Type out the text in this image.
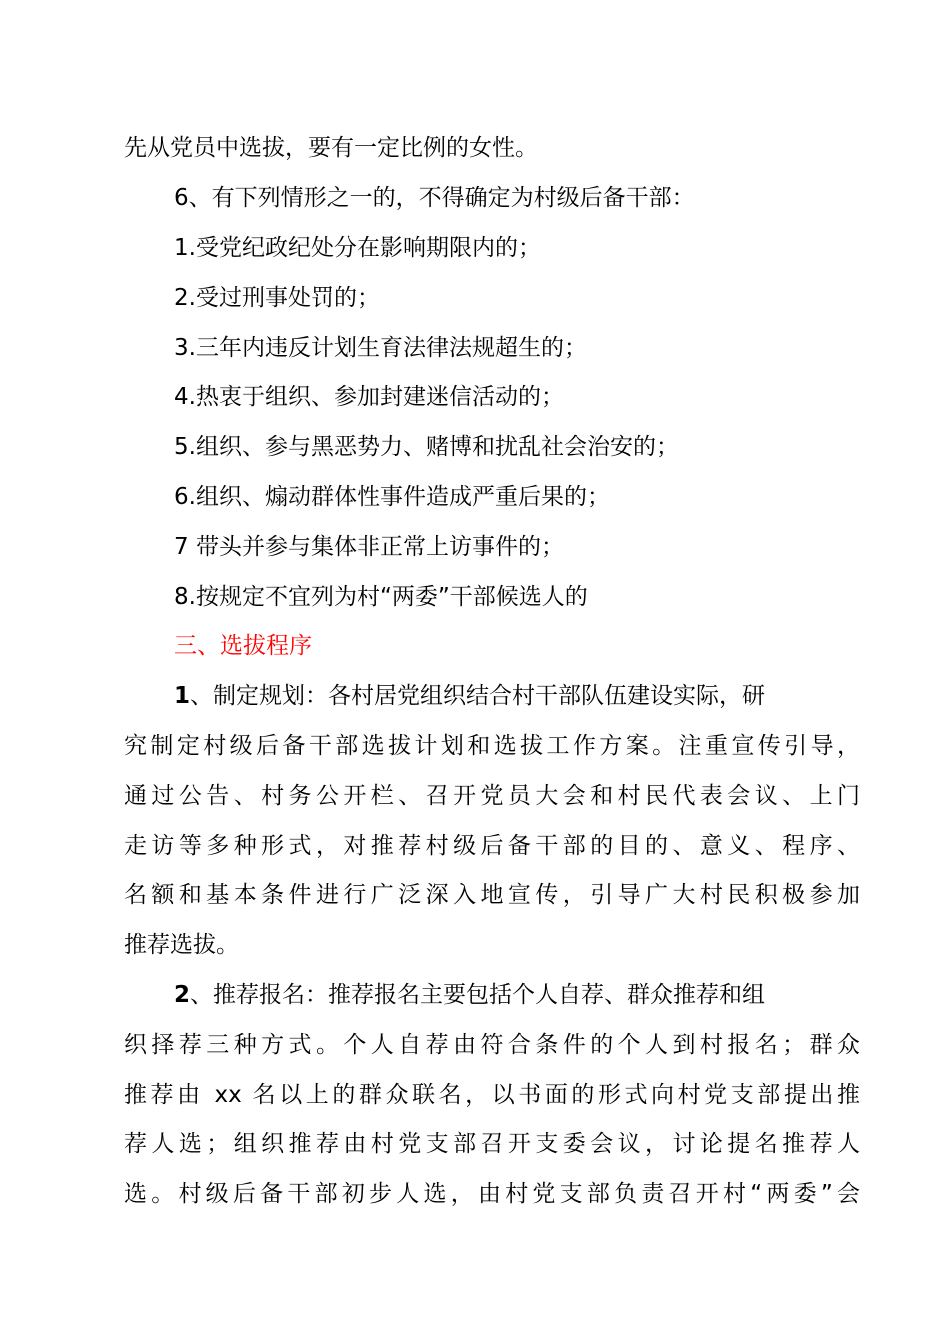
先从党员中选拔，要有一定比例的女性。
6、有下列情形之一的，不得确定为村级后备干部：
1.受党纪政纪处分在影响期限内的；
2.受过刑事处罚的；
3.三年内违反计划生育法律法规超生的；
4.热衷于组织、参加封建迷信活动的；
5.组织、参与黑恶势力、赌博和扰乱社会治安的；
6.组织、煽动群体性事件造成严重后果的；
7 带头并参与集体非正常上访事件的；
8.按规定不宜列为村“两委”干部候选人的
三、选拔程序
1、制定规划：各村居党组织结合村干部队伍建设实际，研
究制定村级后备干部选拔计划和选拔工作方案。注重宣传引导，
通过公告、村务公开栏、召开党员大会和村民代表会议、上门
走访等多种形式，对推荐村级后备干部的目的、意义、程序、
名额和基本条件进行广泛深入地宣传，引导广大村民积极参加
推荐选拔。
2、推荐报名：推荐报名主要包括个人自荐、群众推荐和组
织择荐三种方式。个人自荐由符合条件的个人到村报名；群众
推荐由 xx 名以上的群众联名，以书面的形式向村党支部提出推
荐人选；组织推荐由村党支部召开支委会议，讨论提名推荐人
选。村级后备干部初步人选，由村党支部负责召开村“两委”会
